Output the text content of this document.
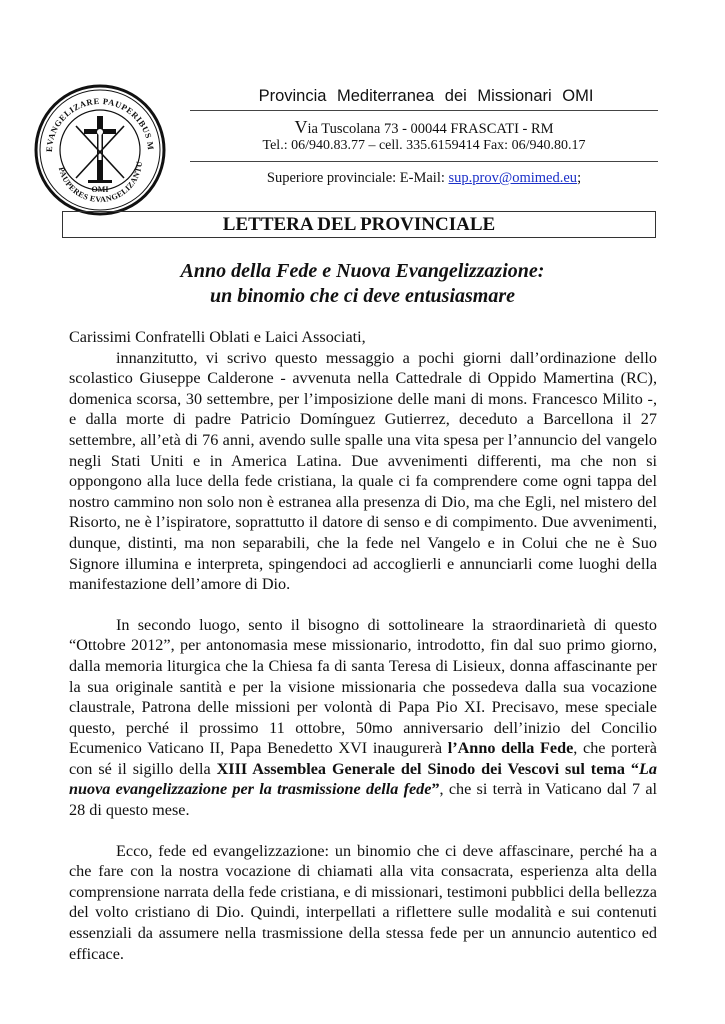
EVANGELIZARE PAUPERIBUS M
PAUPERES EVANGELIZANTU
OMI
Provincia Mediterranea dei Missionari OMI
Via Tuscolana 73 - 00044 FRASCATI - RM
Tel.: 06/940.83.77 – cell. 335.6159414 Fax: 06/940.80.17
Superiore provinciale: E-Mail: sup.prov@omimed.eu;
LETTERA DEL PROVINCIALE
Anno della Fede e Nuova Evangelizzazione:
un binomio che ci deve entusiasmare

Carissimi Confratelli Oblati e Laici Associati,

innanzitutto, vi scrivo questo messaggio a pochi giorni dall’ordinazione dello scolastico Giuseppe Calderone - avvenuta nella Cattedrale di Oppido Mamertina (RC), domenica scorsa, 30 settembre, per l’imposizione delle mani di mons. Francesco Milito -, e dalla morte di padre Patricio Domínguez Gutierrez, deceduto a Barcellona il 27 settembre, all’età di 76 anni, avendo sulle spalle una vita spesa per l’annuncio del vangelo negli Stati Uniti e in America Latina. Due avvenimenti differenti, ma che non si oppongono alla luce della fede cristiana, la quale ci fa comprendere come ogni tappa del nostro cammino non solo non è estranea alla presenza di Dio, ma che Egli, nel mistero del Risorto, ne è l’ispiratore, soprattutto il datore di senso e di compimento. Due avvenimenti, dunque, distinti, ma non separabili, che la fede nel Vangelo e in Colui che ne è Suo Signore illumina e interpreta, spingendoci ad accoglierli e annunciarli come luoghi della manifestazione dell’amore di Dio.

In secondo luogo, sento il bisogno di sottolineare la straordinarietà di questo “Ottobre 2012”, per antonomasia mese missionario, introdotto, fin dal suo primo giorno, dalla memoria liturgica che la Chiesa fa di santa Teresa di Lisieux, donna affascinante per la sua originale santità e per la visione missionaria che possedeva dalla sua vocazione claustrale, Patrona delle missioni per volontà di Papa Pio XI. Precisavo, mese speciale questo, perché il prossimo 11 ottobre, 50mo anniversario dell’inizio del Concilio Ecumenico Vaticano II, Papa Benedetto XVI inaugurerà l’Anno della Fede, che porterà con sé il sigillo della XIII Assemblea Generale del Sinodo dei Vescovi sul tema “La nuova evangelizzazione per la trasmissione della fede”, che si terrà in Vaticano dal 7 al 28 di questo mese.

Ecco, fede ed evangelizzazione: un binomio che ci deve affascinare, perché ha a che fare con la nostra vocazione di chiamati alla vita consacrata, esperienza alta della comprensione narrata della fede cristiana, e di missionari, testimoni pubblici della bellezza del volto cristiano di Dio. Quindi, interpellati a riflettere sulle modalità e sui contenuti essenziali da assumere nella trasmissione della stessa fede per un annuncio autentico ed efficace.
